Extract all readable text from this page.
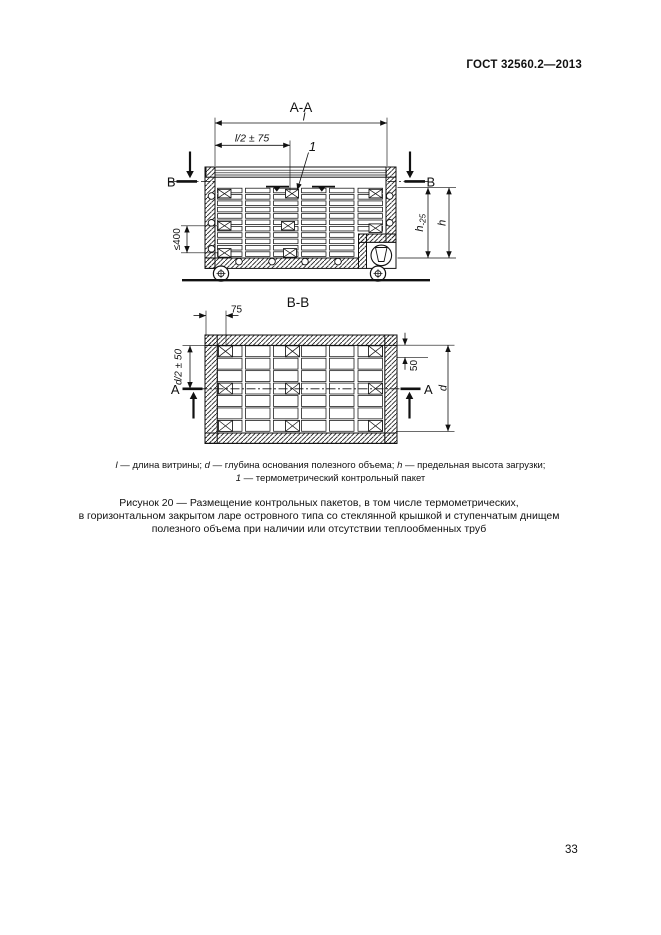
ГОСТ 32560.2—2013
А-А
l
l/2 ± 75
1
В	В
≤400	$h_{-25}$ h
В-В
75
d/2 ± 50	50
d
А	А
l — длина витрины; d — глубина основания полезного объема; h — предельная высота загрузки;
1 — термометрический контрольный пакет
Рисунок 20 — Размещение контрольных пакетов, в том числе термометрических,
в горизонтальном закрытом ларе островного типа со стеклянной крышкой и ступенчатым днищем
полезного объема при наличии или отсутствии теплообменных труб
33
